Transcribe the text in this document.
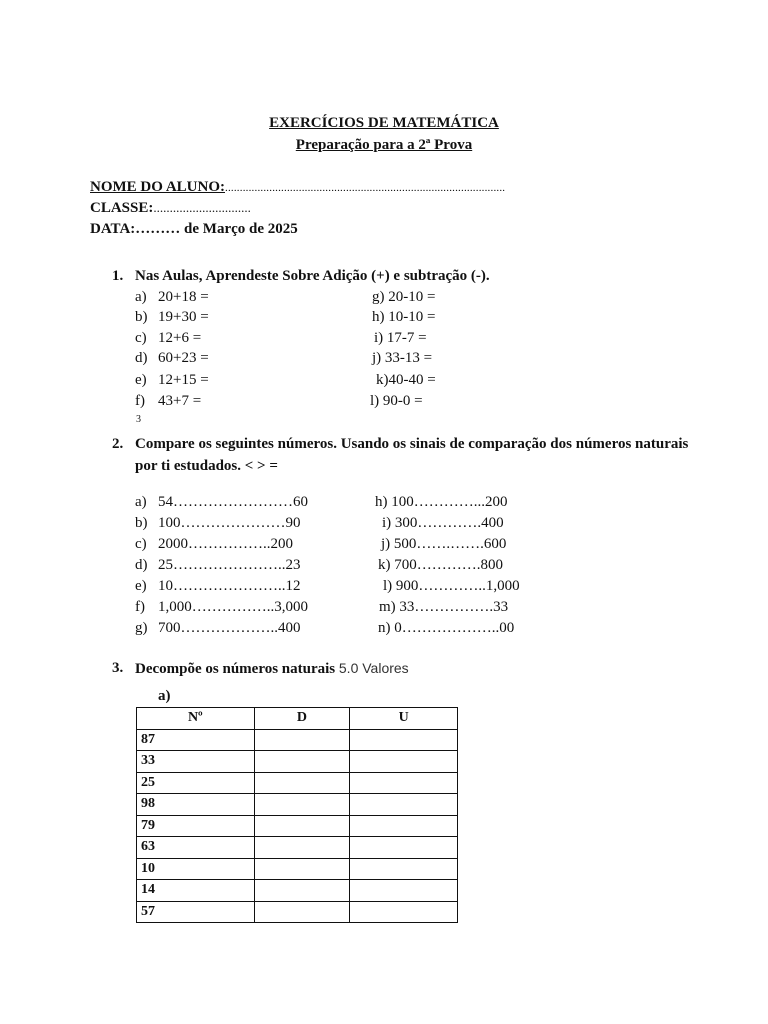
EXERCÍCIOS DE MATEMÁTICA
Preparação para a 2ª Prova
NOME DO ALUNO:...............................................................................................
CLASSE:..............................
DATA:……… de Março de 2025
1. Nas Aulas, Aprendeste Sobre Adição (+) e subtração (-).
a) 20+18 =
b) 19+30 =
c) 12+6 =
d) 60+23 =
e) 12+15 =
f) 43+7 =
g) 20-10 =
h) 10-10 =
i) 17-7 =
j) 33-13 =
k)40-40 =
l) 90-0 =
3
2. Compare os seguintes números. Usando os sinais de comparação dos números naturais
por ti estudados. < > =
a) 54……………………60
b) 100…………………90
c) 2000……………..200
d) 25…………………..23
e) 10…………………..12
f) 1,000……………..3,000
g) 700………………..400
h) 100…………...200
i) 300………….400
j) 500…….…….600
k) 700………….800
l) 900…………..1,000
m) 33…………….33
n) 0………………..00
3. Decompõe os números naturais 5.0 Valores
a)
Nº	D	U
87		
33		
25		
98		
79		
63		
10		
14		
57		
